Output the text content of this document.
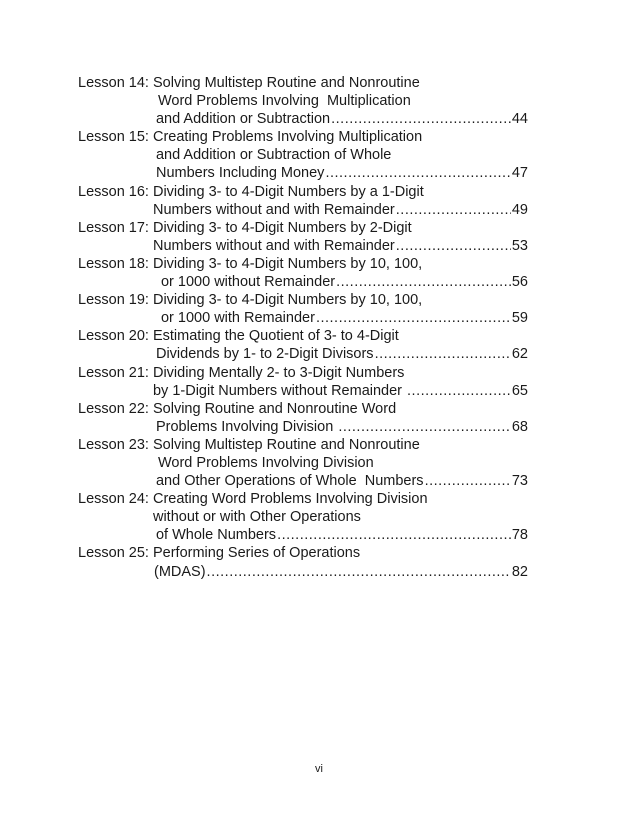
Lesson 14: Solving Multistep Routine and Nonroutine
Word Problems Involving  Multiplication
and Addition or Subtraction .....	44
Lesson 15: Creating Problems Involving Multiplication
and Addition or Subtraction of Whole
Numbers Including Money .....	47
Lesson 16: Dividing 3- to 4-Digit Numbers by a 1-Digit
Numbers without and with Remainder .....	49
Lesson 17: Dividing 3- to 4-Digit Numbers by 2-Digit
Numbers without and with Remainder .....	53
Lesson 18: Dividing 3- to 4-Digit Numbers by 10, 100,
or 1000 without Remainder .....	56
Lesson 19: Dividing 3- to 4-Digit Numbers by 10, 100,
or 1000 with Remainder .....	59
Lesson 20: Estimating the Quotient of 3- to 4-Digit
Dividends by 1- to 2-Digit Divisors .....	62
Lesson 21: Dividing Mentally 2- to 3-Digit Numbers
by 1-Digit Numbers without Remainder .....	65
Lesson 22: Solving Routine and Nonroutine Word
Problems Involving Division .....	68
Lesson 23: Solving Multistep Routine and Nonroutine
Word Problems Involving Division
and Other Operations of Whole  Numbers .....	73
Lesson 24: Creating Word Problems Involving Division
without or with Other Operations
of Whole Numbers .....	78
Lesson 25: Performing Series of Operations
(MDAS) .....	82
vi
